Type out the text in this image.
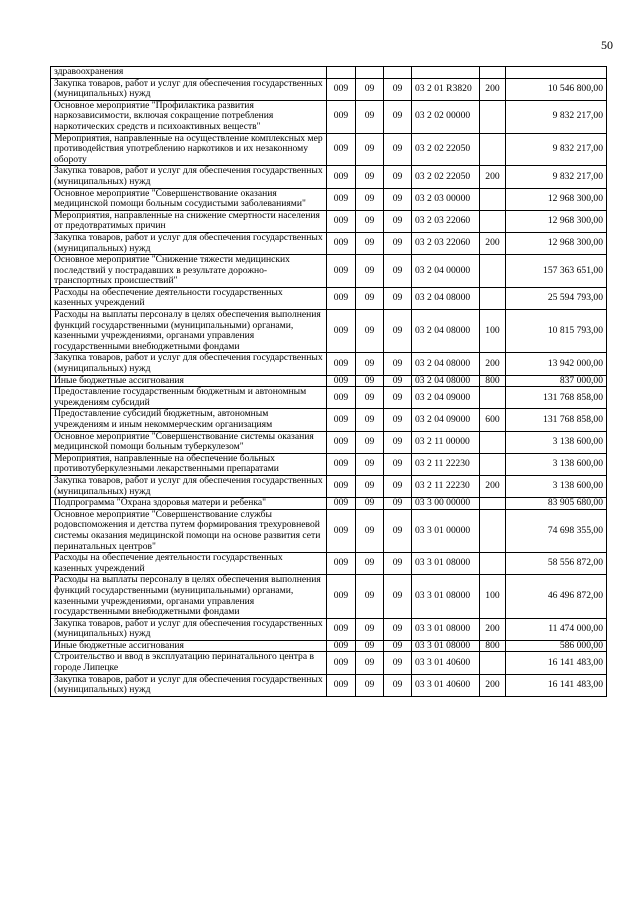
50
здравоохранения						
Закупка товаров, работ и услуг для обеспечения государственных (муниципальных) нужд	009	09	09	03 2 01 R3820	200	10 546 800,00
Основное мероприятие "Профилактика развития наркозависимости, включая сокращение потребления наркотических средств и психоактивных веществ"	009	09	09	03 2 02 00000		9 832 217,00
Мероприятия, направленные на осуществление комплексных мер противодействия употреблению наркотиков и их незаконному обороту	009	09	09	03 2 02 22050		9 832 217,00
Закупка товаров, работ и услуг для обеспечения государственных (муниципальных) нужд	009	09	09	03 2 02 22050	200	9 832 217,00
Основное мероприятие "Совершенствование оказания медицинской помощи больным сосудистыми заболеваниями"	009	09	09	03 2 03 00000		12 968 300,00
Мероприятия, направленные на снижение смертности населения от предотвратимых причин	009	09	09	03 2 03 22060		12 968 300,00
Закупка товаров, работ и услуг для обеспечения государственных (муниципальных) нужд	009	09	09	03 2 03 22060	200	12 968 300,00
Основное мероприятие "Снижение тяжести медицинских последствий у пострадавших в результате дорожно-транспортных происшествий"	009	09	09	03 2 04 00000		157 363 651,00
Расходы на обеспечение деятельности государственных казенных учреждений	009	09	09	03 2 04 08000		25 594 793,00
Расходы на выплаты персоналу в целях обеспечения выполнения функций государственными (муниципальными) органами, казенными учреждениями, органами управления государственными внебюджетными фондами	009	09	09	03 2 04 08000	100	10 815 793,00
Закупка товаров, работ и услуг для обеспечения государственных (муниципальных) нужд	009	09	09	03 2 04 08000	200	13 942 000,00
Иные бюджетные ассигнования	009	09	09	03 2 04 08000	800	837 000,00
Предоставление государственным бюджетным и автономным учреждениям субсидий	009	09	09	03 2 04 09000		131 768 858,00
Предоставление субсидий бюджетным, автономным учреждениям и иным некоммерческим организациям	009	09	09	03 2 04 09000	600	131 768 858,00
Основное мероприятие "Совершенствование системы оказания медицинской помощи больным туберкулезом"	009	09	09	03 2 11 00000		3 138 600,00
Мероприятия, направленные на обеспечение больных противотуберкулезными лекарственными препаратами	009	09	09	03 2 11 22230		3 138 600,00
Закупка товаров, работ и услуг для обеспечения государственных (муниципальных) нужд	009	09	09	03 2 11 22230	200	3 138 600,00
Подпрограмма "Охрана здоровья матери и ребенка"	009	09	09	03 3 00 00000		83 905 680,00
Основное мероприятие "Совершенствование службы родовспоможения и детства путем формирования трехуровневой системы оказания медицинской помощи на основе развития сети перинатальных центров"	009	09	09	03 3 01 00000		74 698 355,00
Расходы на обеспечение деятельности государственных казенных учреждений	009	09	09	03 3 01 08000		58 556 872,00
Расходы на выплаты персоналу в целях обеспечения выполнения функций государственными (муниципальными) органами, казенными учреждениями, органами управления государственными внебюджетными фондами	009	09	09	03 3 01 08000	100	46 496 872,00
Закупка товаров, работ и услуг для обеспечения государственных (муниципальных) нужд	009	09	09	03 3 01 08000	200	11 474 000,00
Иные бюджетные ассигнования	009	09	09	03 3 01 08000	800	586 000,00
Строительство и ввод в эксплуатацию перинатального центра в городе Липецке	009	09	09	03 3 01 40600		16 141 483,00
Закупка товаров, работ и услуг для обеспечения государственных (муниципальных) нужд	009	09	09	03 3 01 40600	200	16 141 483,00
